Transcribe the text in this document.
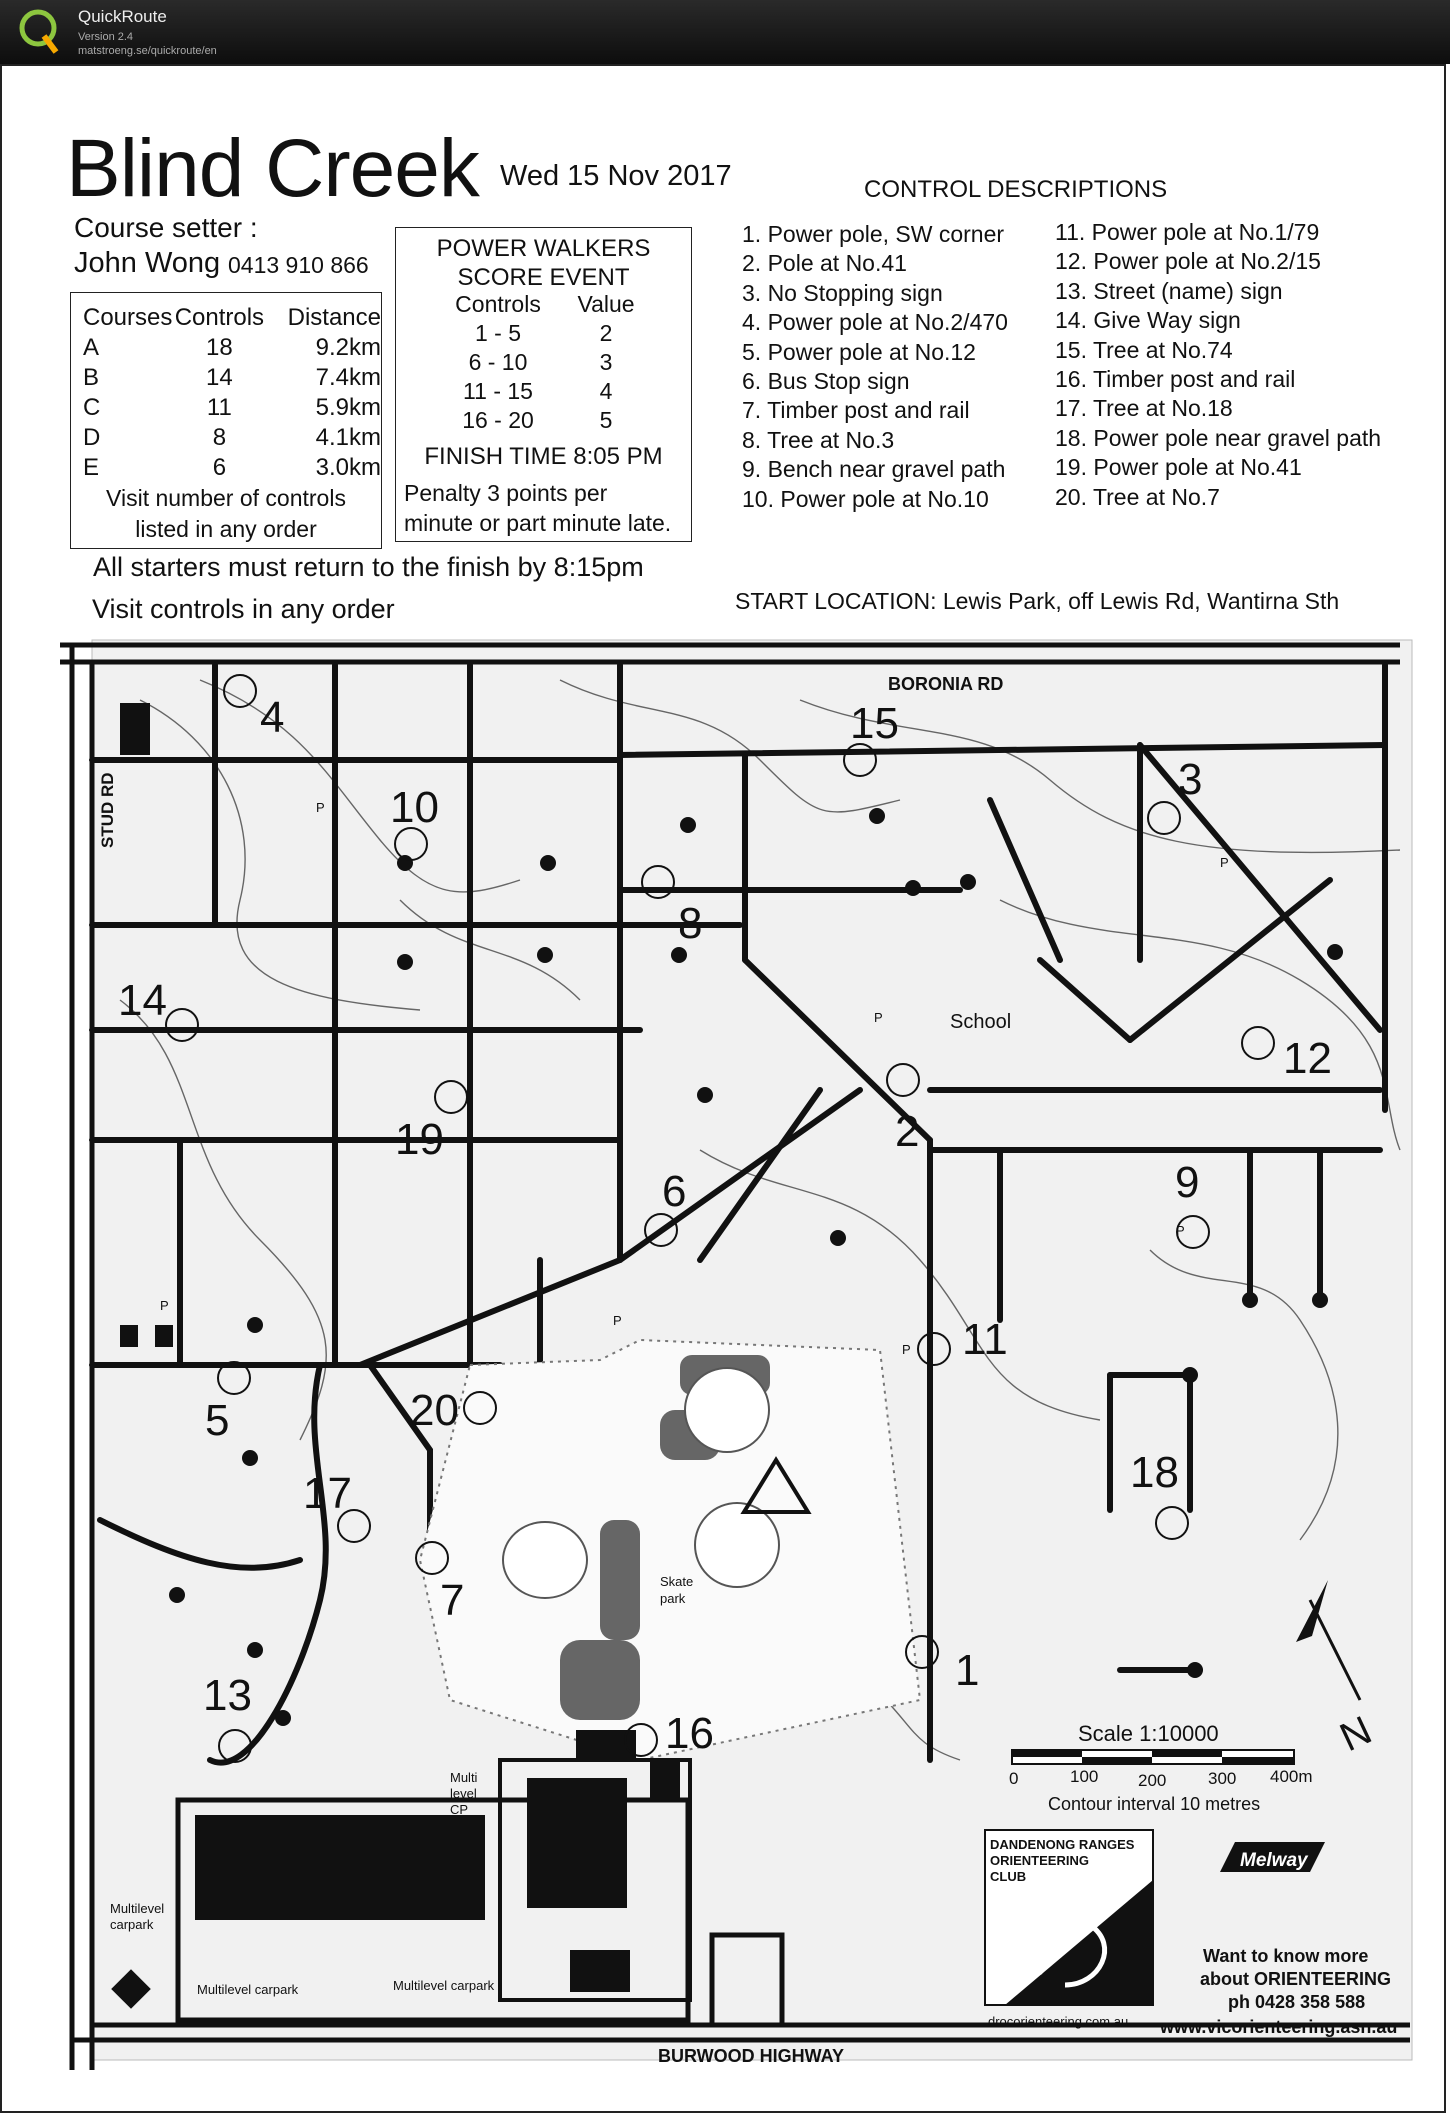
QuickRoute
Version 2.4
matstroeng.se/quickroute/en
Blind Creek Wed 15 Nov 2017
Course setter :
John Wong 0413 910 866
Courses	Controls	Distance
A	18	9.2km
B	14	7.4km
C	11	5.9km
D	8	4.1km
E	6	3.0km
Visit number of controls
listed in any order
POWER WALKERS
SCORE EVENT
Controls	Value
1 - 5	2
6 - 10	3
11 - 15	4
16 - 20	5
FINISH TIME 8:05 PM
Penalty 3 points per
minute or part minute late.
All starters must return to the finish by 8:15pm
Visit controls in any order
CONTROL DESCRIPTIONS
1. Power pole, SW corner
2. Pole at No.41
3. No Stopping sign
4. Power pole at No.2/470
5. Power pole at No.12
6. Bus Stop sign
7. Timber post and rail
8. Tree at No.3
9. Bench near gravel path
10. Power pole at No.10
11. Power pole at No.1/79
12. Power pole at No.2/15
13. Street (name) sign
14. Give Way sign
15. Tree at No.74
16. Timber post and rail
17. Tree at No.18
18. Power pole near gravel path
19. Power pole at No.41
20. Tree at No.7
START LOCATION: Lewis Park, off Lewis Rd, Wantirna Sth
BORONIA RD
STUD RD
BURWOOD HIGHWAY
School
Skate
park
Multi
level
CP
Multilevel
carpark
Multilevel carpark	Multilevel carpark
P
P
P
P
P
P
P
1
2
3
4
5
6
7
8
9
10
11
12
13
14
15
16
17	18
19
20
Scale 1:10000
0	100 200 300 400m
Contour interval 10 metres
N
DANDENONG RANGES
ORIENTEERING
CLUB
drocorienteering.com.au
Melway
Want to know more
about ORIENTEERING
ph 0428 358 588
www.vicorienteering.asn.au
